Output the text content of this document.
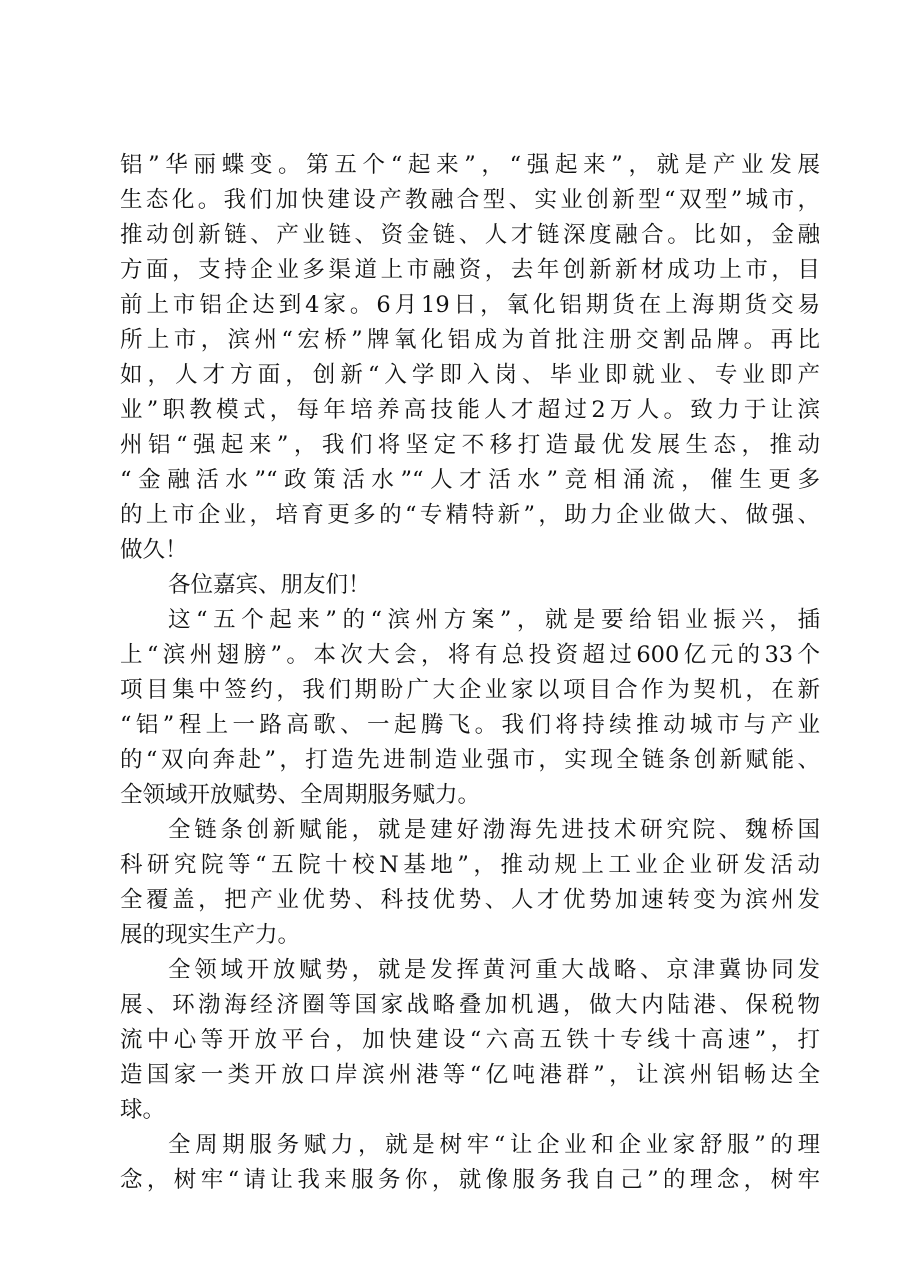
铝”华丽蝶变。第五个“起来”，“强起来”，就是产业发展
生态化。我们加快建设产教融合型、实业创新型“双型”城市，
推动创新链、产业链、资金链、人才链深度融合。比如，金融
方面，支持企业多渠道上市融资，去年创新新材成功上市，目
前上市铝企达到4家。6月19日，氧化铝期货在上海期货交易
所上市，滨州“宏桥”牌氧化铝成为首批注册交割品牌。再比
如，人才方面，创新“入学即入岗、毕业即就业、专业即产
业”职教模式，每年培养高技能人才超过2万人。致力于让滨
州铝“强起来”，我们将坚定不移打造最优发展生态，推动
“金融活水”“政策活水”“人才活水”竞相涌流，催生更多
的上市企业，培育更多的“专精特新”，助力企业做大、做强、
做久！
各位嘉宾、朋友们！
这“五个起来”的“滨州方案”，就是要给铝业振兴，插
上“滨州翅膀”。本次大会，将有总投资超过600亿元的33个
项目集中签约，我们期盼广大企业家以项目合作为契机，在新
“铝”程上一路高歌、一起腾飞。我们将持续推动城市与产业
的“双向奔赴”，打造先进制造业强市，实现全链条创新赋能、
全领域开放赋势、全周期服务赋力。
全链条创新赋能，就是建好渤海先进技术研究院、魏桥国
科研究院等“五院十校N基地”，推动规上工业企业研发活动
全覆盖，把产业优势、科技优势、人才优势加速转变为滨州发
展的现实生产力。
全领域开放赋势，就是发挥黄河重大战略、京津冀协同发
展、环渤海经济圈等国家战略叠加机遇，做大内陆港、保税物
流中心等开放平台，加快建设“六高五铁十专线十高速”，打
造国家一类开放口岸滨州港等“亿吨港群”，让滨州铝畅达全
球。
全周期服务赋力，就是树牢“让企业和企业家舒服”的理
念，树牢“请让我来服务你，就像服务我自己”的理念，树牢
